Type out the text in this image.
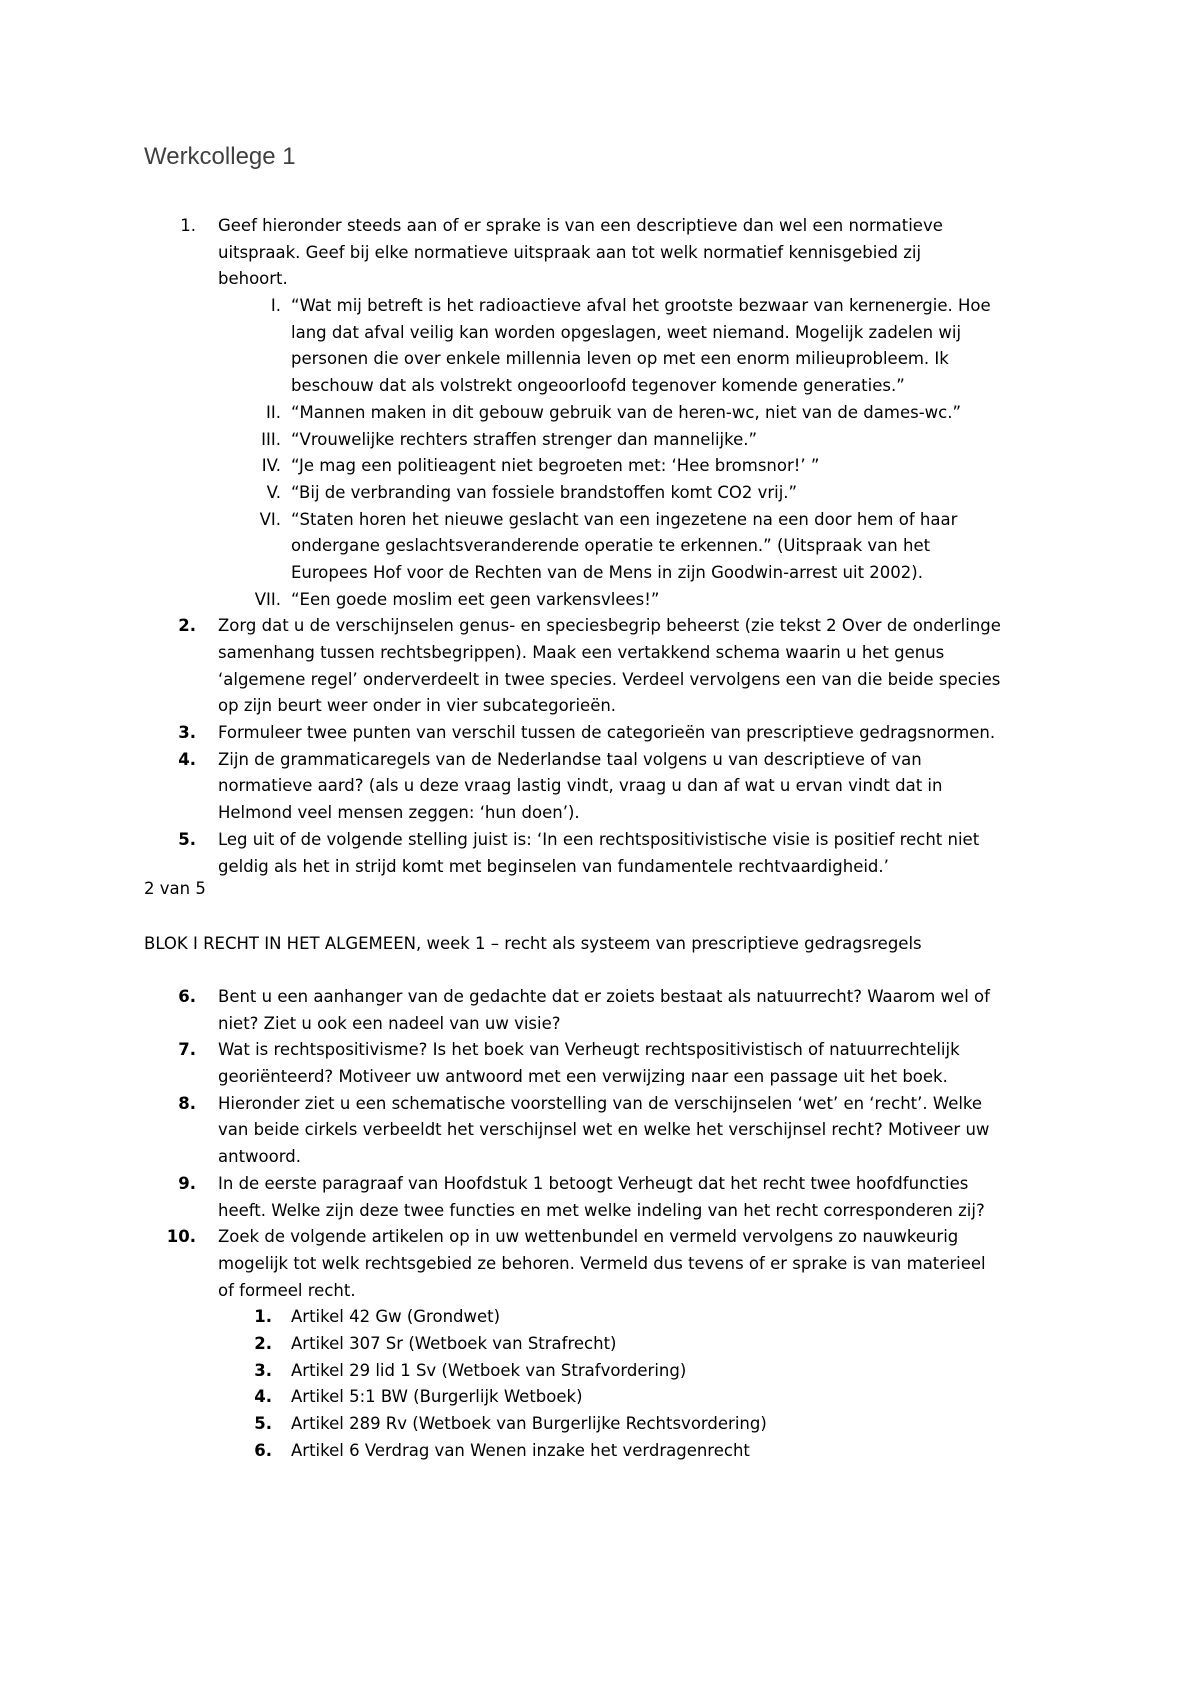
Werkcollege 1
1. Geef hieronder steeds aan of er sprake is van een descriptieve dan wel een normatieve
uitspraak. Geef bij elke normatieve uitspraak aan tot welk normatief kennisgebied zij
behoort.
I. “Wat mij betreft is het radioactieve afval het grootste bezwaar van kernenergie. Hoe
lang dat afval veilig kan worden opgeslagen, weet niemand. Mogelijk zadelen wij
personen die over enkele millennia leven op met een enorm milieuprobleem. Ik
beschouw dat als volstrekt ongeoorloofd tegenover komende generaties.”
II. “Mannen maken in dit gebouw gebruik van de heren-wc, niet van de dames-wc.”
III. “Vrouwelijke rechters straffen strenger dan mannelijke.”
IV. “Je mag een politieagent niet begroeten met: ‘Hee bromsnor!’ ”
V. “Bij de verbranding van fossiele brandstoffen komt CO2 vrij.”
VI. “Staten horen het nieuwe geslacht van een ingezetene na een door hem of haar
ondergane geslachtsveranderende operatie te erkennen.” (Uitspraak van het
Europees Hof voor de Rechten van de Mens in zijn Goodwin-arrest uit 2002).
VII. “Een goede moslim eet geen varkensvlees!”
2. Zorg dat u de verschijnselen genus- en speciesbegrip beheerst (zie tekst 2 Over de onderlinge
samenhang tussen rechtsbegrippen). Maak een vertakkend schema waarin u het genus
‘algemene regel’ onderverdeelt in twee species. Verdeel vervolgens een van die beide species
op zijn beurt weer onder in vier subcategorieën.
3. Formuleer twee punten van verschil tussen de categorieën van prescriptieve gedragsnormen.
4. Zijn de grammaticaregels van de Nederlandse taal volgens u van descriptieve of van
normatieve aard? (als u deze vraag lastig vindt, vraag u dan af wat u ervan vindt dat in
Helmond veel mensen zeggen: ‘hun doen’).
5. Leg uit of de volgende stelling juist is: ‘In een rechtspositivistische visie is positief recht niet
geldig als het in strijd komt met beginselen van fundamentele rechtvaardigheid.’
2 van 5
BLOK I RECHT IN HET ALGEMEEN, week 1 – recht als systeem van prescriptieve gedragsregels
6. Bent u een aanhanger van de gedachte dat er zoiets bestaat als natuurrecht? Waarom wel of
niet? Ziet u ook een nadeel van uw visie?
7. Wat is rechtspositivisme? Is het boek van Verheugt rechtspositivistisch of natuurrechtelijk
georiënteerd? Motiveer uw antwoord met een verwijzing naar een passage uit het boek.
8. Hieronder ziet u een schematische voorstelling van de verschijnselen ‘wet’ en ‘recht’. Welke
van beide cirkels verbeeldt het verschijnsel wet en welke het verschijnsel recht? Motiveer uw
antwoord.
9. In de eerste paragraaf van Hoofdstuk 1 betoogt Verheugt dat het recht twee hoofdfuncties
heeft. Welke zijn deze twee functies en met welke indeling van het recht corresponderen zij?
10. Zoek de volgende artikelen op in uw wettenbundel en vermeld vervolgens zo nauwkeurig
mogelijk tot welk rechtsgebied ze behoren. Vermeld dus tevens of er sprake is van materieel
of formeel recht.
1. Artikel 42 Gw (Grondwet)
2. Artikel 307 Sr (Wetboek van Strafrecht)
3. Artikel 29 lid 1 Sv (Wetboek van Strafvordering)
4. Artikel 5:1 BW (Burgerlijk Wetboek)
5. Artikel 289 Rv (Wetboek van Burgerlijke Rechtsvordering)
6. Artikel 6 Verdrag van Wenen inzake het verdragenrecht
